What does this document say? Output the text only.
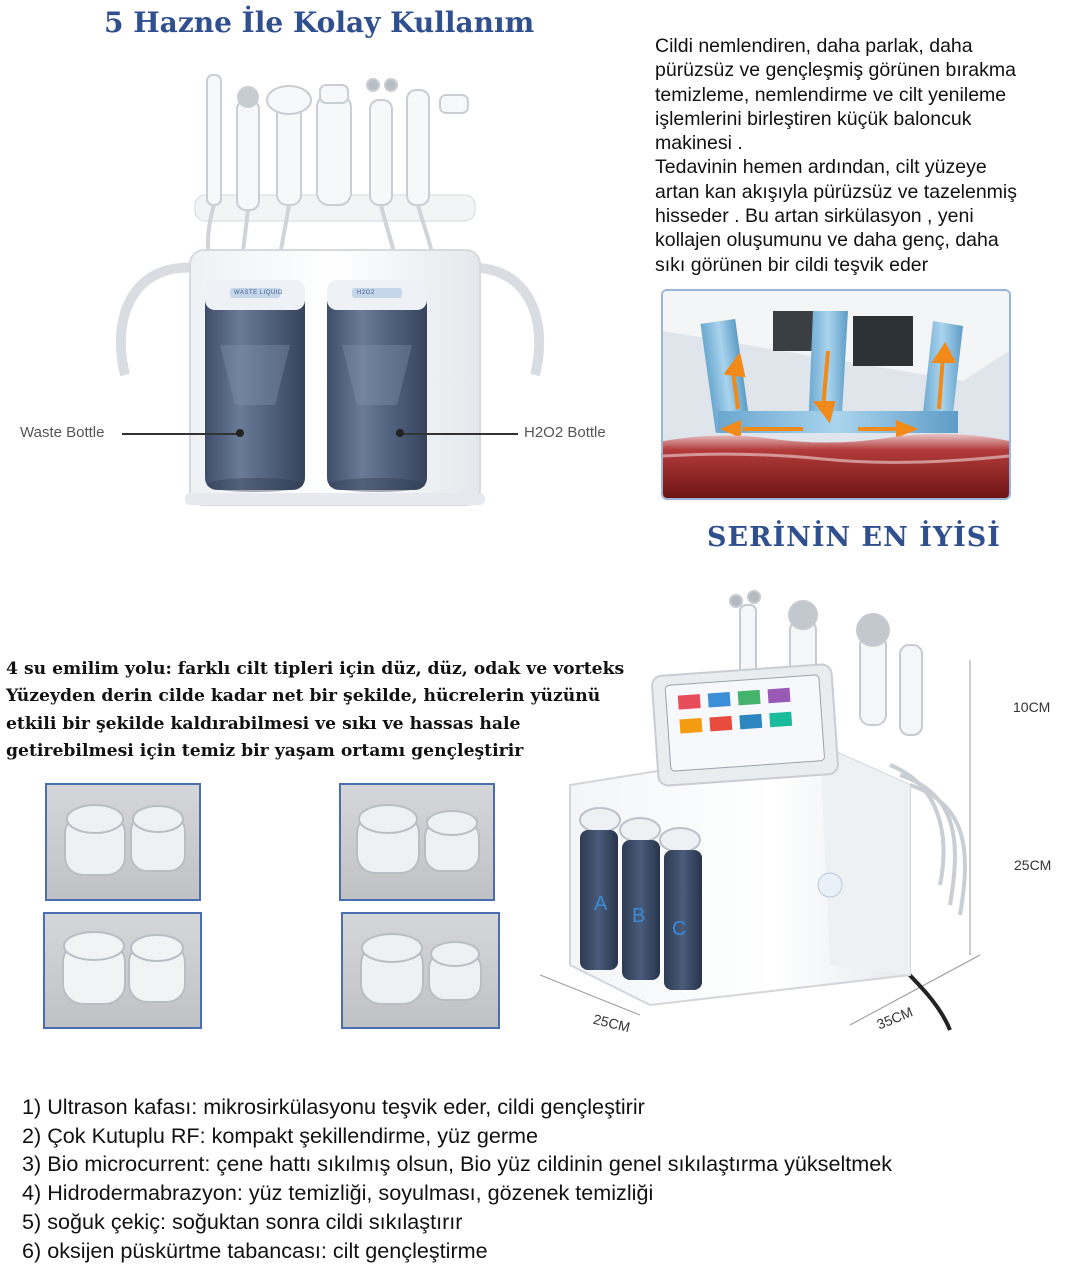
5 Hazne İle Kolay Kullanım
WASTE LIQUID	H2O2
Waste Bottle	H2O2 Bottle

Cildi nemlendiren, daha parlak, daha

pürüzsüz ve gençleşmiş görünen bırakma

temizleme, nemlendirme ve cilt yenileme

işlemlerini birleştiren küçük baloncuk

makinesi .

Tedavinin hemen ardından, cilt yüzeye

artan kan akışıyla pürüzsüz ve tazelenmiş

hisseder . Bu artan sirkülasyon , yeni

kollajen oluşumunu ve daha genç, daha

sıkı görünen bir cildi teşvik eder

SERİNİN EN İYİSİ

4 su emilim yolu: farklı cilt tipleri için düz, düz, odak ve vorteks

Yüzeyden derin cilde kadar net bir şekilde, hücrelerin yüzünü

etkili bir şekilde kaldırabilmesi ve sıkı ve hassas hale

getirebilmesi için temiz bir yaşam ortamı gençleştirir

A
B
C
10CM
25CM
25CM	35CM
1) Ultrason kafası: mikrosirkülasyonu teşvik eder, cildi gençleştirir
2) Çok Kutuplu RF: kompakt şekillendirme, yüz germe
3) Bio microcurrent: çene hattı sıkılmış olsun, Bio yüz cildinin genel sıkılaştırma yükseltmek
4) Hidrodermabrazyon: yüz temizliği, soyulması, gözenek temizliği
5) soğuk çekiç: soğuktan sonra cildi sıkılaştırır
6) oksijen püskürtme tabancası: cilt gençleştirme
